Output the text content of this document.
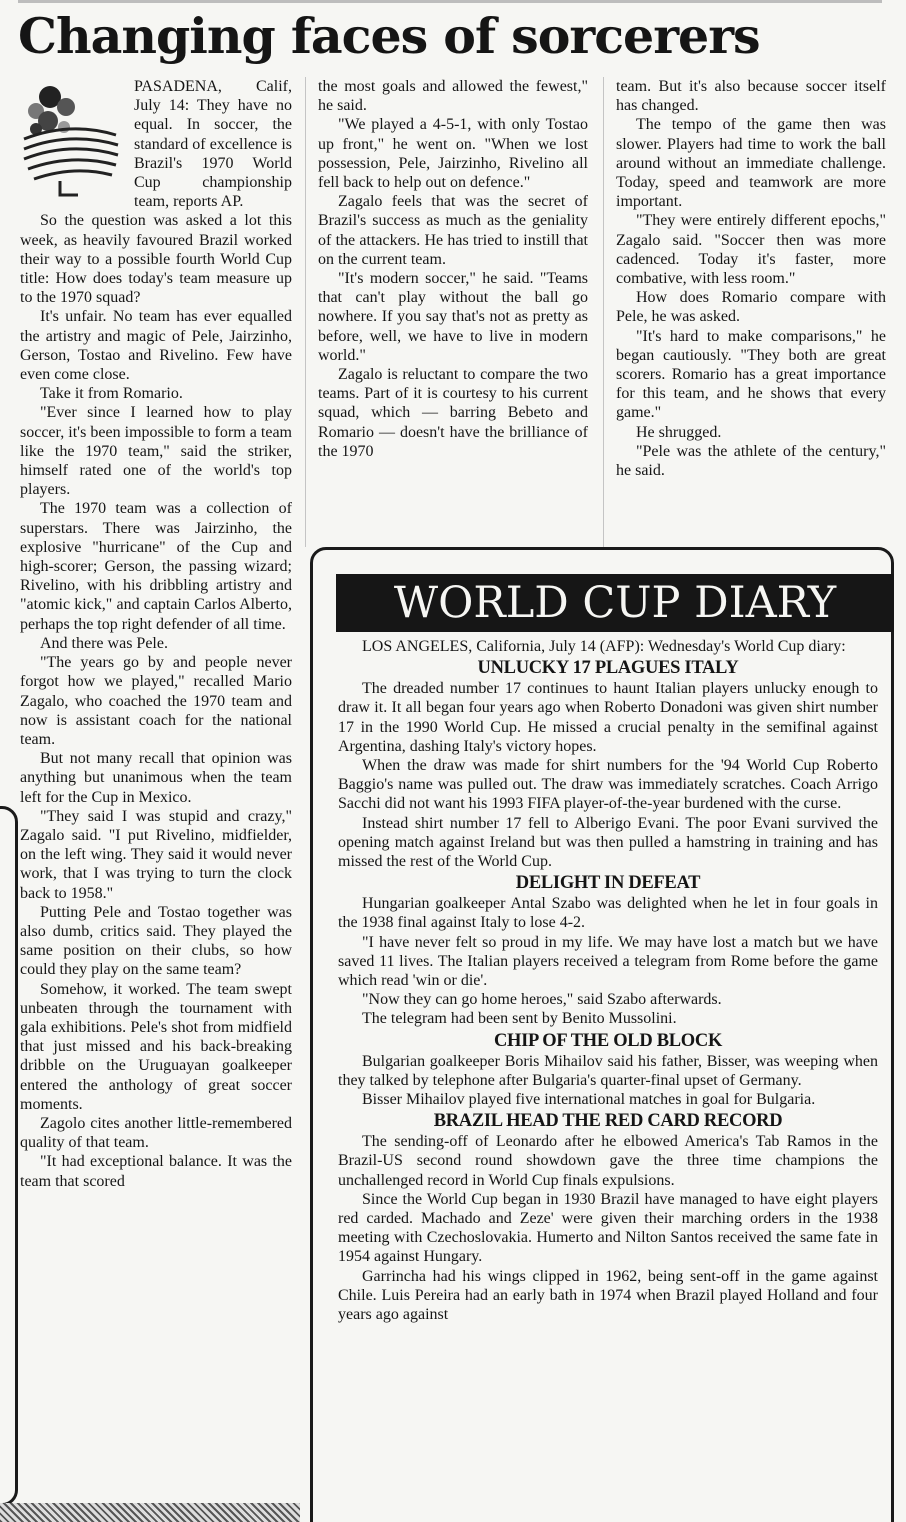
Changing faces of sorcerers

PASADENA, Calif, July 14: They have no equal. In soccer, the standard of excellence is Brazil's 1970 World Cup championship team, reports AP.

So the question was asked a lot this week, as heavily favoured Brazil worked their way to a possible fourth World Cup title: How does today's team measure up to the 1970 squad?

It's unfair. No team has ever equalled the artistry and magic of Pele, Jairzinho, Gerson, Tostao and Rivelino. Few have even come close.

Take it from Romario.

"Ever since I learned how to play soccer, it's been impossible to form a team like the 1970 team," said the striker, himself rated one of the world's top players.

The 1970 team was a collection of superstars. There was Jairzinho, the explosive "hurricane" of the Cup and high-scorer; Gerson, the passing wizard; Rivelino, with his dribbling artistry and "atomic kick," and captain Carlos Alberto, perhaps the top right defender of all time.

And there was Pele.

"The years go by and people never forgot how we played," recalled Mario Zagalo, who coached the 1970 team and now is assistant coach for the national team.

But not many recall that opinion was anything but unanimous when the team left for the Cup in Mexico.

"They said I was stupid and crazy," Zagalo said. "I put Rivelino, midfielder, on the left wing. They said it would never work, that I was trying to turn the clock back to 1958."

Putting Pele and Tostao together was also dumb, critics said. They played the same position on their clubs, so how could they play on the same team?

Somehow, it worked. The team swept unbeaten through the tournament with gala exhibitions. Pele's shot from midfield that just missed and his back-breaking dribble on the Uruguayan goalkeeper entered the anthology of great soccer moments.

Zagolo cites another little-remembered quality of that team.

"It had exceptional balance. It was the team that scored

the most goals and allowed the fewest," he said.

"We played a 4-5-1, with only Tostao up front," he went on. "When we lost possession, Pele, Jairzinho, Rivelino all fell back to help out on defence."

Zagalo feels that was the secret of Brazil's success as much as the geniality of the attackers. He has tried to instill that on the current team.

"It's modern soccer," he said. "Teams that can't play without the ball go nowhere. If you say that's not as pretty as before, well, we have to live in modern world."

Zagalo is reluctant to compare the two teams. Part of it is courtesy to his current squad, which — barring Bebeto and Romario — doesn't have the brilliance of the 1970

team. But it's also because soccer itself has changed.

The tempo of the game then was slower. Players had time to work the ball around without an immediate challenge. Today, speed and teamwork are more important.

"They were entirely different epochs," Zagalo said. "Soccer then was more cadenced. Today it's faster, more combative, with less room."

How does Romario compare with Pele, he was asked.

"It's hard to make comparisons," he began cautiously. "They both are great scorers. Romario has a great importance for this team, and he shows that every game."

He shrugged.

"Pele was the athlete of the century," he said.

WORLD CUP DIARY

LOS ANGELES, California, July 14 (AFP): Wednesday's World Cup diary:

UNLUCKY 17 PLAGUES ITALY

The dreaded number 17 continues to haunt Italian players unlucky enough to draw it. It all began four years ago when Roberto Donadoni was given shirt number 17 in the 1990 World Cup. He missed a crucial penalty in the semifinal against Argentina, dashing Italy's victory hopes.

When the draw was made for shirt numbers for the '94 World Cup Roberto Baggio's name was pulled out. The draw was immediately scratches. Coach Arrigo Sacchi did not want his 1993 FIFA player-of-the-year burdened with the curse.

Instead shirt number 17 fell to Alberigo Evani. The poor Evani survived the opening match against Ireland but was then pulled a hamstring in training and has missed the rest of the World Cup.

DELIGHT IN DEFEAT

Hungarian goalkeeper Antal Szabo was delighted when he let in four goals in the 1938 final against Italy to lose 4-2.

"I have never felt so proud in my life. We may have lost a match but we have saved 11 lives. The Italian players received a telegram from Rome before the game which read 'win or die'.

"Now they can go home heroes," said Szabo afterwards.

The telegram had been sent by Benito Mussolini.

CHIP OF THE OLD BLOCK

Bulgarian goalkeeper Boris Mihailov said his father, Bisser, was weeping when they talked by telephone after Bulgaria's quarter-final upset of Germany.

Bisser Mihailov played five international matches in goal for Bulgaria.

BRAZIL HEAD THE RED CARD RECORD

The sending-off of Leonardo after he elbowed America's Tab Ramos in the Brazil-US second round showdown gave the three time champions the unchallenged record in World Cup finals expulsions.

Since the World Cup began in 1930 Brazil have managed to have eight players red carded. Machado and Zeze' were given their marching orders in the 1938 meeting with Czechoslovakia. Humerto and Nilton Santos received the same fate in 1954 against Hungary.

Garrincha had his wings clipped in 1962, being sent-off in the game against Chile. Luis Pereira had an early bath in 1974 when Brazil played Holland and four years ago against
